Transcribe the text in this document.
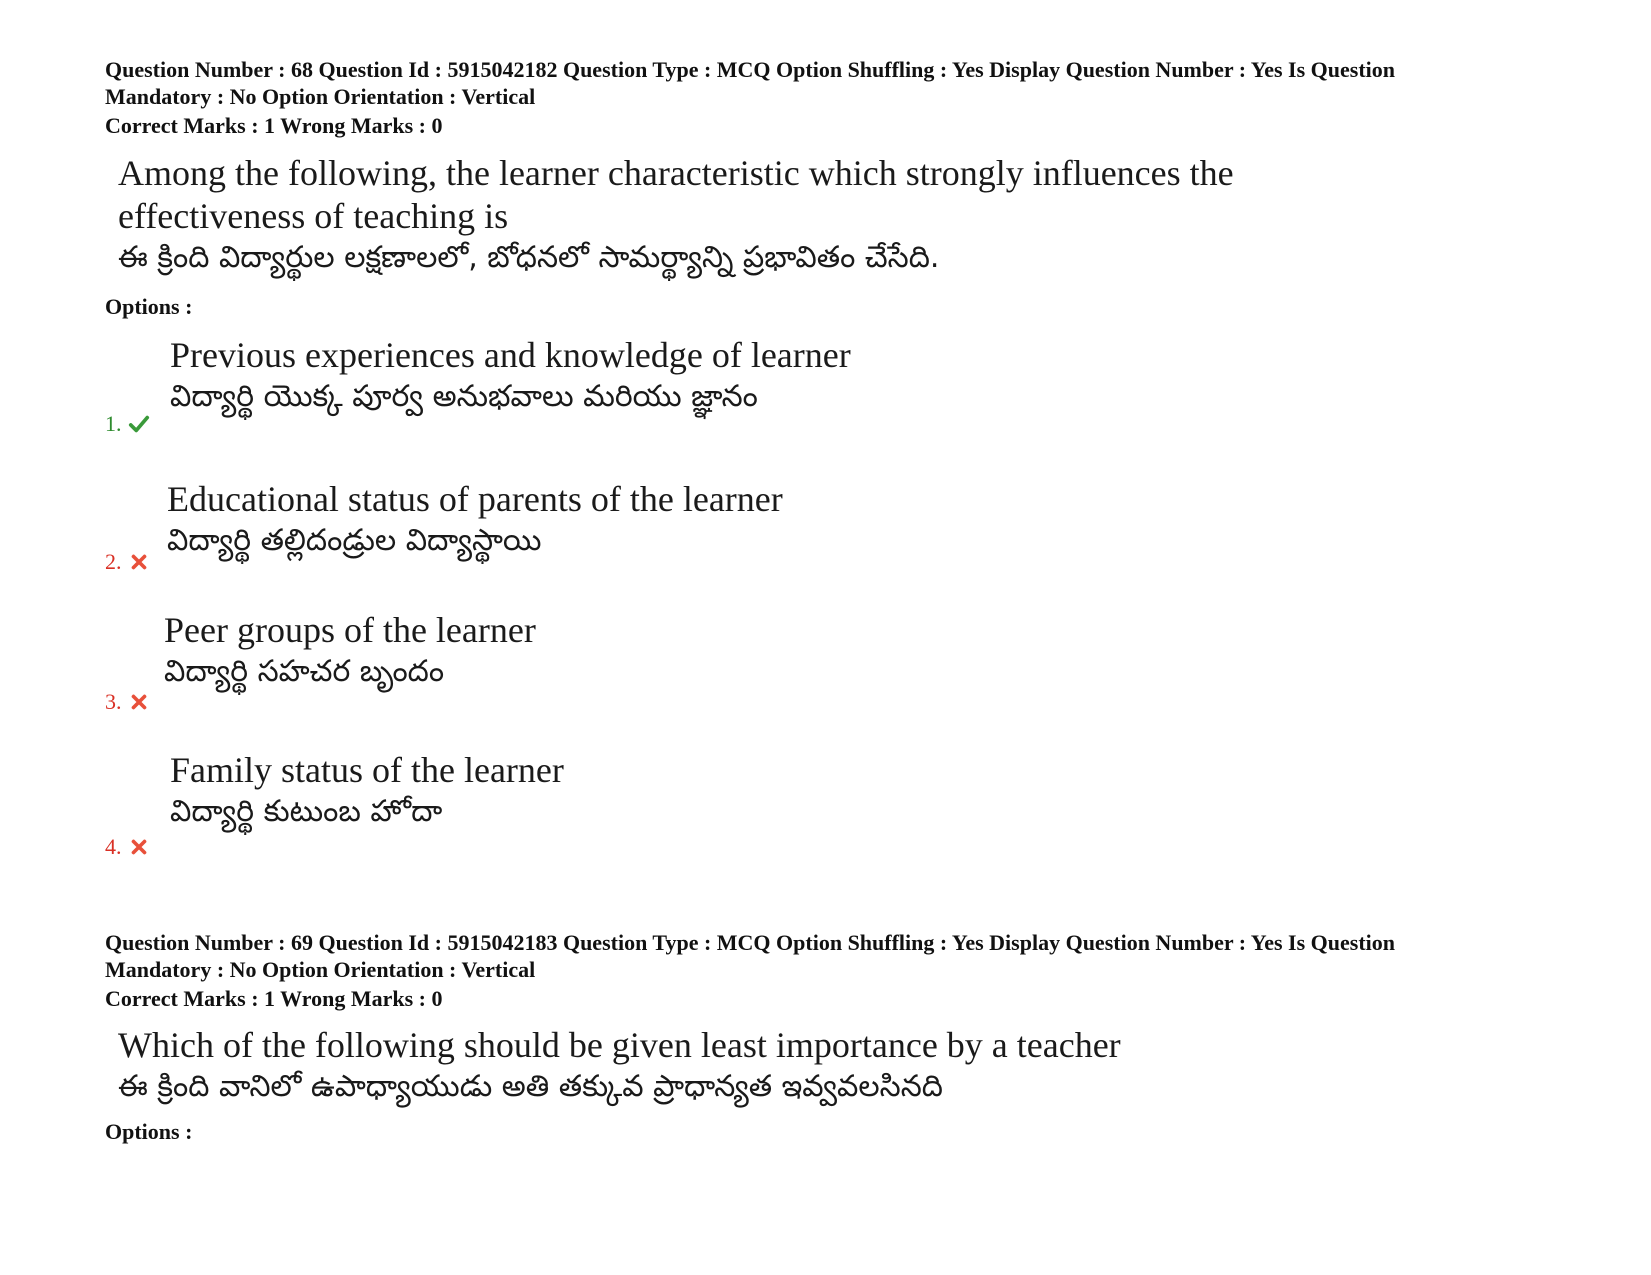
Question Number : 68 Question Id : 5915042182 Question Type : MCQ Option Shuffling : Yes Display Question Number : Yes Is Question
Mandatory : No Option Orientation : Vertical
Correct Marks : 1 Wrong Marks : 0
Among the following, the learner characteristic which strongly influences the effectiveness of teaching is
ఈ క్రింది విద్యార్థుల లక్షణాలలో, బోధనలో సామర్థ్యాన్ని ప్రభావితం చేసేది.
Options :
Previous experiences and knowledge of learner
విద్యార్థి యొక్క పూర్వ అనుభవాలు మరియు జ్ఞానం
1.
Educational status of parents of the learner
విద్యార్థి తల్లిదండ్రుల విద్యాస్థాయి
2.
Peer groups of the learner
విద్యార్థి సహచర బృందం
3.
Family status of the learner
విద్యార్థి కుటుంబ హోదా
4.
Question Number : 69 Question Id : 5915042183 Question Type : MCQ Option Shuffling : Yes Display Question Number : Yes Is Question
Mandatory : No Option Orientation : Vertical
Correct Marks : 1 Wrong Marks : 0
Which of the following should be given least importance by a teacher
ఈ క్రింది వానిలో ఉపాధ్యాయుడు అతి తక్కువ ప్రాధాన్యత ఇవ్వవలసినది
Options :
